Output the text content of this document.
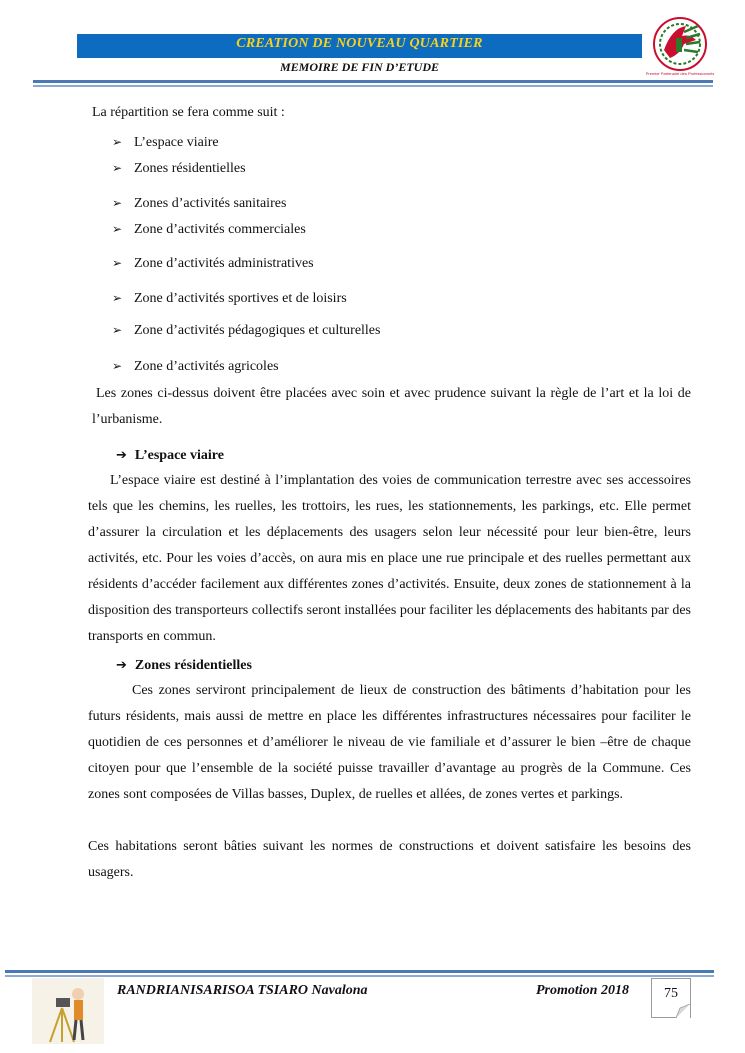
CREATION DE NOUVEAU QUARTIER
MEMOIRE DE FIN D’ETUDE	Premier Partenaire des Professionnels
La répartition se fera comme suit :
➢ L’espace viaire
➢ Zones résidentielles
➢ Zones d’activités sanitaires
➢ Zone d’activités commerciales
➢ Zone d’activités administratives
➢ Zone d’activités sportives et de loisirs
➢ Zone d’activités pédagogiques et culturelles
➢ Zone d’activités agricoles
Les zones ci-dessus doivent être placées avec soin et avec prudence suivant la règle de l’art et la loi de l’urbanisme.
➔ L’espace viaire
L’espace viaire est destiné à l’implantation des voies de communication terrestre avec ses accessoires tels que les chemins, les ruelles, les trottoirs, les rues, les stationnements, les parkings, etc. Elle permet d’assurer la circulation et les déplacements des usagers selon leur nécessité pour leur bien-être, leurs activités, etc. Pour les voies d’accès, on aura mis en place une rue principale et des ruelles permettant aux résidents d’accéder facilement aux différentes zones d’activités. Ensuite, deux zones de stationnement à la disposition des transporteurs collectifs seront installées pour faciliter les déplacements des habitants par des transports en commun.
➔ Zones résidentielles
Ces zones serviront principalement de lieux de construction des bâtiments d’habitation pour les futurs résidents, mais aussi de mettre en place les différentes infrastructures nécessaires pour faciliter le quotidien de ces personnes et d’améliorer le niveau de vie familiale et d’assurer le bien –être de chaque citoyen pour que l’ensemble de la société puisse travailler d’avantage au progrès de la Commune. Ces zones sont composées de Villas basses, Duplex, de ruelles et allées, de zones vertes et parkings.
Ces habitations seront bâties suivant les normes de constructions et doivent satisfaire les besoins des usagers.
RANDRIANISARISOA TSIARO Navalona	Promotion 2018	75
